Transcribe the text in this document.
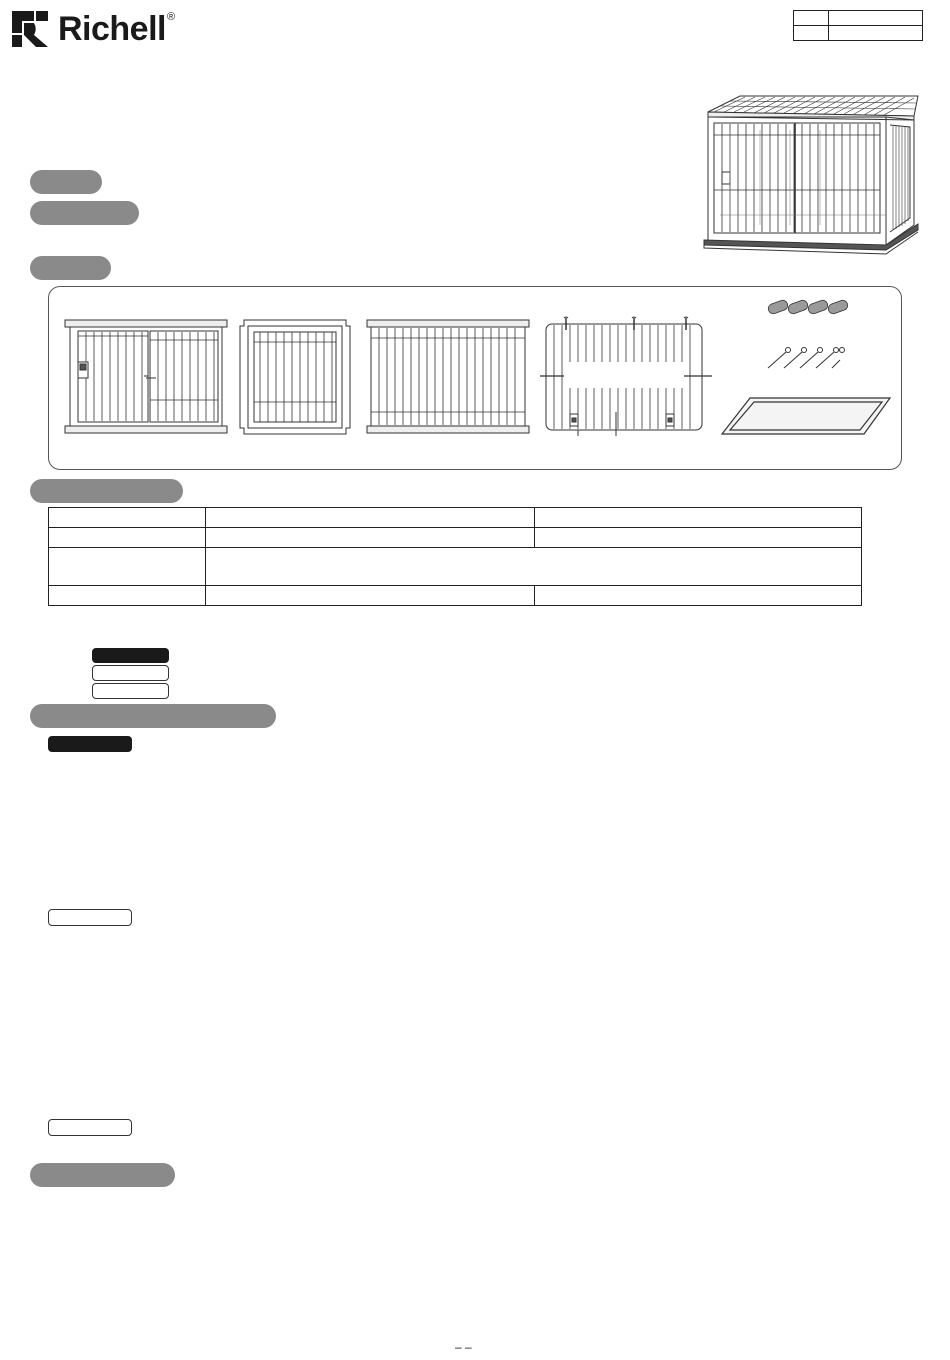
Richell ®

– –
